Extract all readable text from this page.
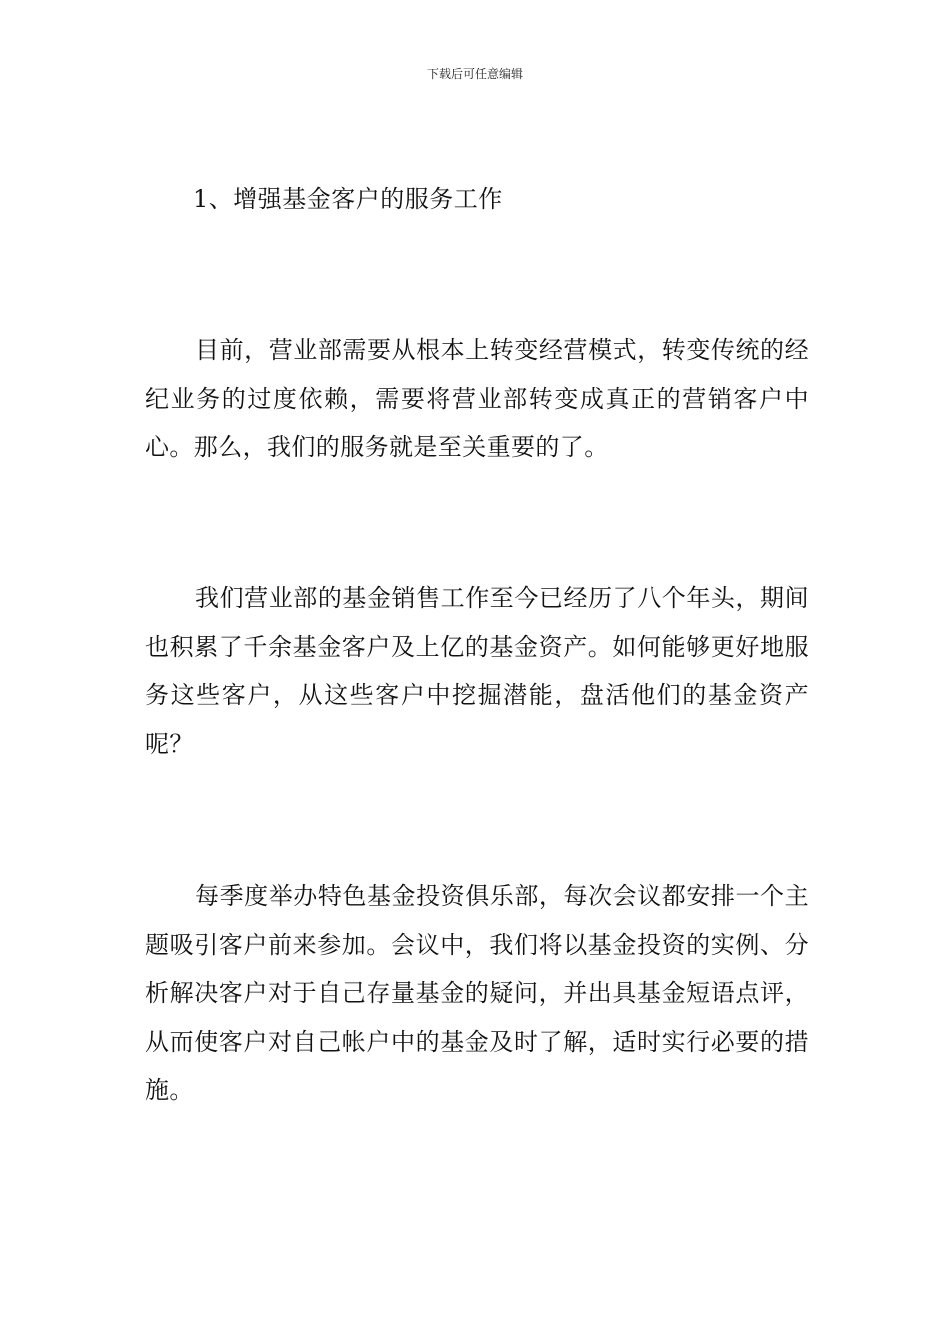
下载后可任意编辑
1、增强基金客户的服务工作

目前，营业部需要从根本上转变经营模式，转变传统的经纪业务的过度依赖，需要将营业部转变成真正的营销客户中心。那么，我们的服务就是至关重要的了。

我们营业部的基金销售工作至今已经历了八个年头，期间也积累了千余基金客户及上亿的基金资产。如何能够更好地服务这些客户，从这些客户中挖掘潜能，盘活他们的基金资产呢？

每季度举办特色基金投资俱乐部，每次会议都安排一个主题吸引客户前来参加。会议中，我们将以基金投资的实例、分析解决客户对于自己存量基金的疑问，并出具基金短语点评，从而使客户对自己帐户中的基金及时了解，适时实行必要的措施。
